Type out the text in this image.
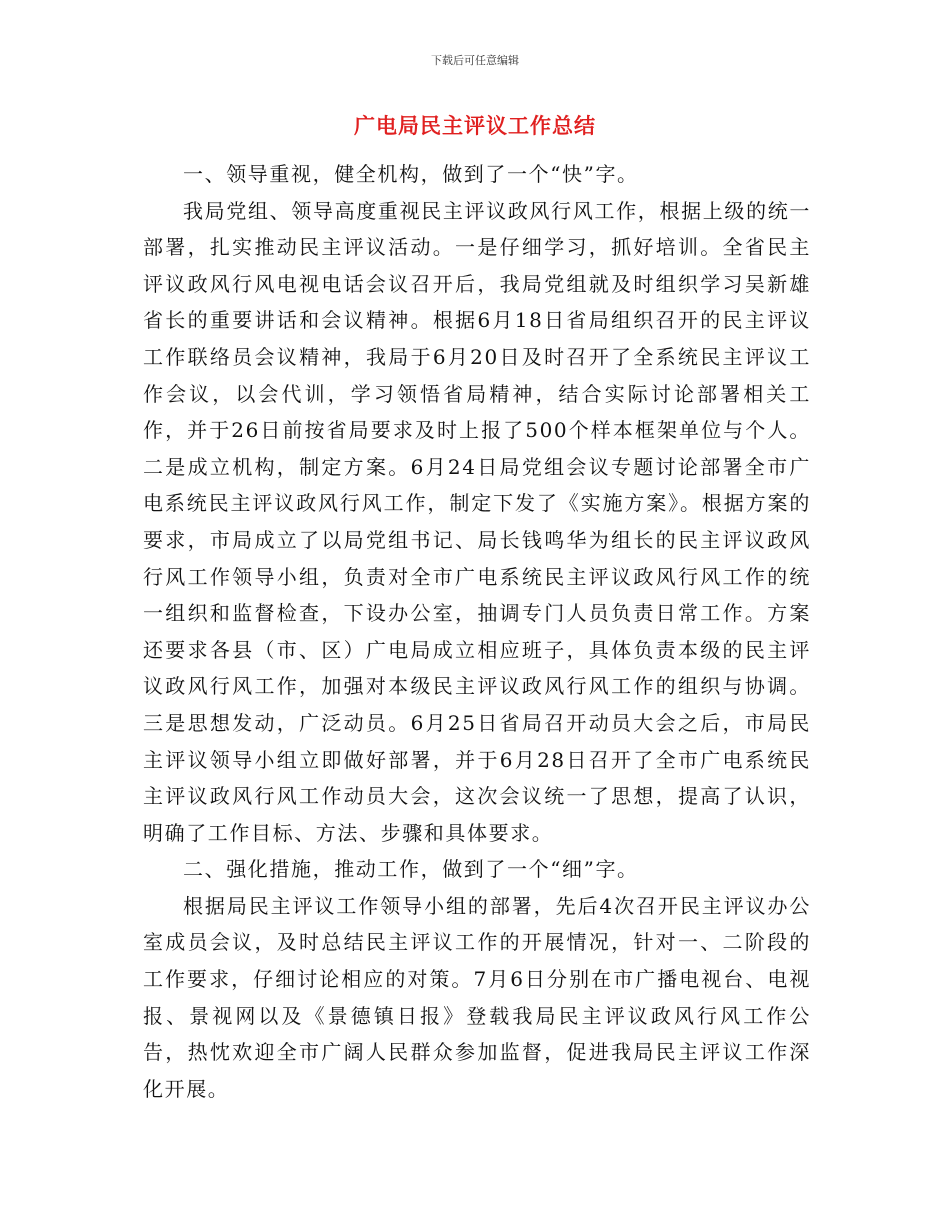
下载后可任意编辑
广电局民主评议工作总结

一、领导重视，健全机构，做到了一个“快”字。

我局党组、领导高度重视民主评议政风行风工作，根据上级的统一部署，扎实推动民主评议活动。一是仔细学习，抓好培训。全省民主评议政风行风电视电话会议召开后，我局党组就及时组织学习吴新雄省长的重要讲话和会议精神。根据6月18日省局组织召开的民主评议工作联络员会议精神，我局于6月20日及时召开了全系统民主评议工作会议，以会代训，学习领悟省局精神，结合实际讨论部署相关工作，并于26日前按省局要求及时上报了500个样本框架单位与个人。二是成立机构，制定方案。6月24日局党组会议专题讨论部署全市广电系统民主评议政风行风工作，制定下发了《实施方案》。根据方案的要求，市局成立了以局党组书记、局长钱鸣华为组长的民主评议政风行风工作领导小组，负责对全市广电系统民主评议政风行风工作的统一组织和监督检查，下设办公室，抽调专门人员负责日常工作。方案还要求各县（市、区）广电局成立相应班子，具体负责本级的民主评议政风行风工作，加强对本级民主评议政风行风工作的组织与协调。三是思想发动，广泛动员。6月25日省局召开动员大会之后，市局民主评议领导小组立即做好部署，并于6月28日召开了全市广电系统民主评议政风行风工作动员大会，这次会议统一了思想，提高了认识，明确了工作目标、方法、步骤和具体要求。

二、强化措施，推动工作，做到了一个“细”字。

根据局民主评议工作领导小组的部署，先后4次召开民主评议办公室成员会议，及时总结民主评议工作的开展情况，针对一、二阶段的工作要求，仔细讨论相应的对策。7月6日分别在市广播电视台、电视报、景视网以及《景德镇日报》登载我局民主评议政风行风工作公告，热忱欢迎全市广阔人民群众参加监督，促进我局民主评议工作深化开展。
